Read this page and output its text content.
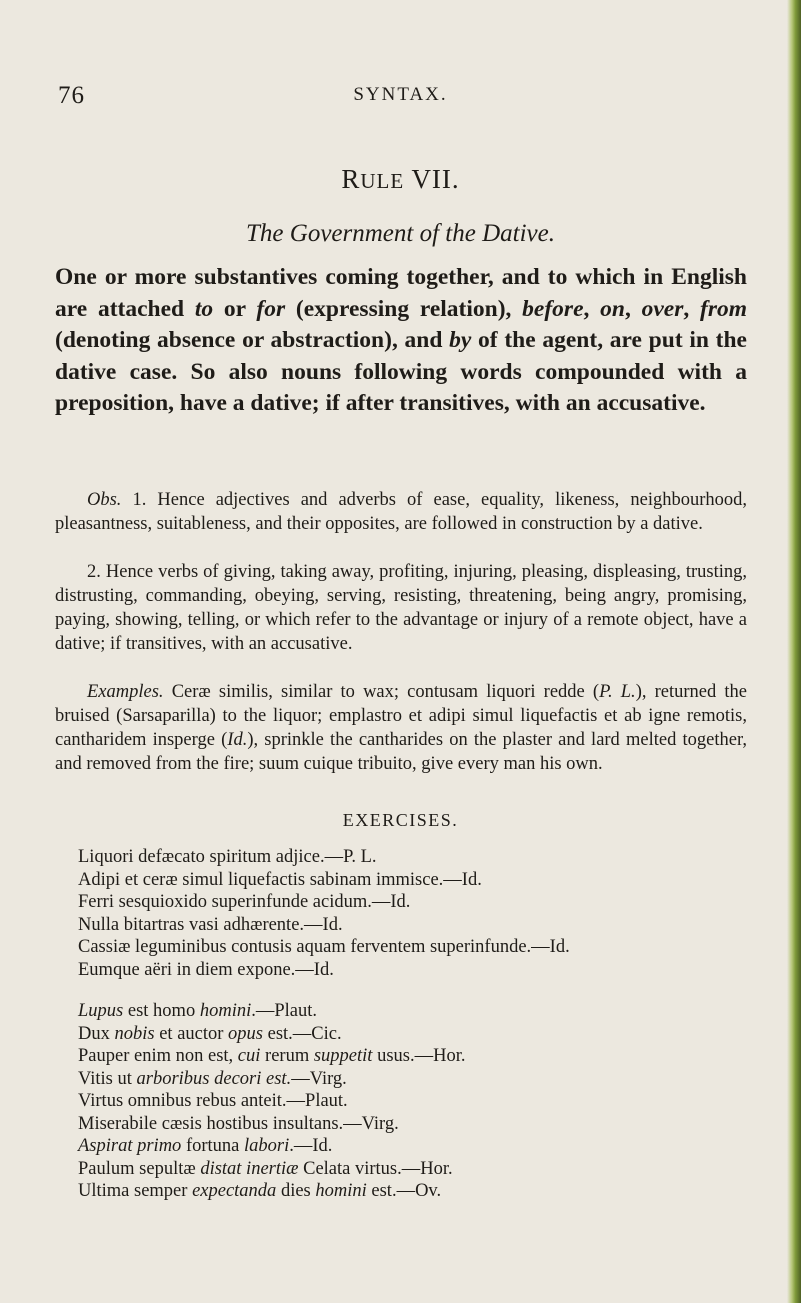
76	SYNTAX.
RULE VII.
The Government of the Dative.

One or more substantives coming together, and to which in English are attached to or for (expressing relation), before, on, over, from (denoting absence or abstraction), and by of the agent, are put in the dative case. So also nouns following words compounded with a preposition, have a dative; if after transitives, with an accusative.

Obs. 1. Hence adjectives and adverbs of ease, equality, likeness, neighbourhood, pleasantness, suitableness, and their opposites, are followed in construction by a dative.

2. Hence verbs of giving, taking away, profiting, injuring, pleasing, displeasing, trusting, distrusting, commanding, obeying, serving, resisting, threatening, being angry, promising, paying, showing, telling, or which refer to the advantage or injury of a remote object, have a dative; if transitives, with an accusative.

Examples. Ceræ similis, similar to wax; contusam liquori redde (P. L.), returned the bruised (Sarsaparilla) to the liquor; emplastro et adipi simul liquefactis et ab igne remotis, cantharidem insperge (Id.), sprinkle the cantharides on the plaster and lard melted together, and removed from the fire; suum cuique tribuito, give every man his own.

EXERCISES.
Liquori defæcato spiritum adjice.—P. L.
Adipi et ceræ simul liquefactis sabinam immisce.—Id.
Ferri sesquioxido superinfunde acidum.—Id.
Nulla bitartras vasi adhærente.—Id.
Cassiæ leguminibus contusis aquam ferventem superinfunde.—Id.
Eumque aëri in diem expone.—Id.
Lupus est homo homini.—Plaut.
Dux nobis et auctor opus est.—Cic.
Pauper enim non est, cui rerum suppetit usus.—Hor.
Vitis ut arboribus decori est.—Virg.
Virtus omnibus rebus anteit.—Plaut.
Miserabile cæsis hostibus insultans.—Virg.
Aspirat primo fortuna labori.—Id.
Paulum sepultæ distat inertiæ Celata virtus.—Hor.
Ultima semper expectanda dies homini est.—Ov.
